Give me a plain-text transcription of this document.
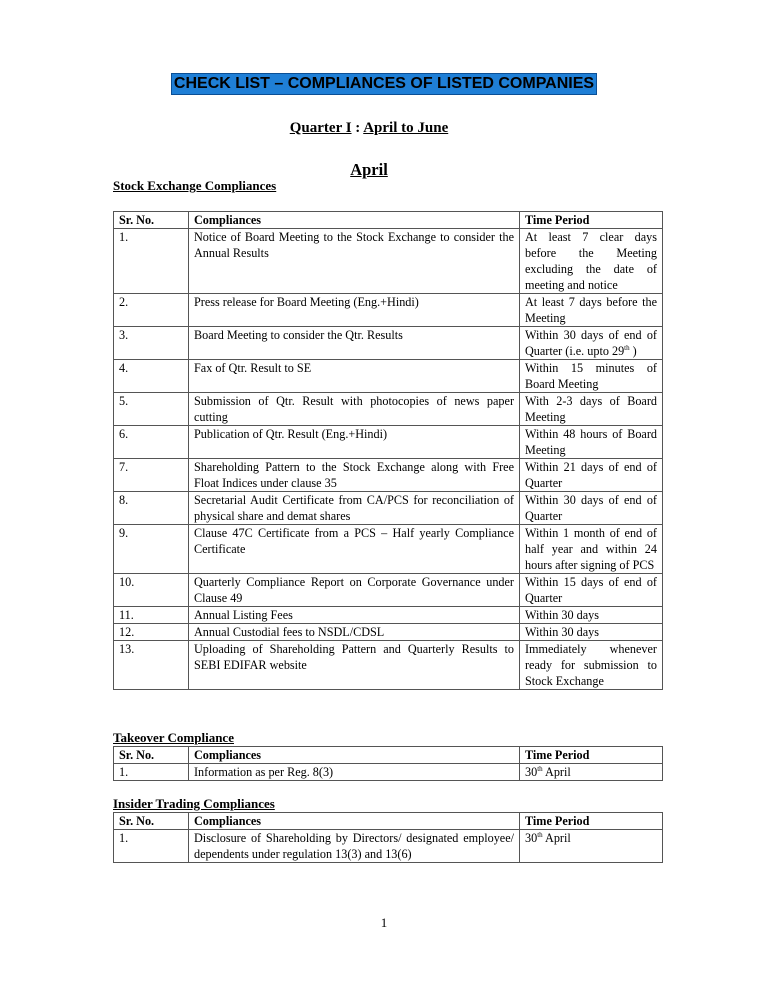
CHECK LIST – COMPLIANCES OF LISTED COMPANIES
Quarter I : April to June
April
Stock Exchange Compliances
Sr. No.	Compliances	Time Period
1.	Notice of Board Meeting to the Stock Exchange to consider the Annual Results	At least 7 clear days before the Meeting excluding the date of meeting and notice
2.	Press release for Board Meeting (Eng.+Hindi)	At least 7 days before the Meeting
3.	Board Meeting to consider the Qtr. Results	Within 30 days of end of Quarter (i.e. upto 29th )
4.	Fax of Qtr. Result to SE	Within 15 minutes of Board Meeting
5.	Submission of Qtr. Result with photocopies of news paper cutting	With 2-3 days of Board Meeting
6.	Publication of Qtr. Result (Eng.+Hindi)	Within 48 hours of Board Meeting
7.	Shareholding Pattern to the Stock Exchange along with Free Float Indices under clause 35	Within 21 days of end of Quarter
8.	Secretarial Audit Certificate from CA/PCS for reconciliation of physical share and demat shares	Within 30 days of end of Quarter
9.	Clause 47C Certificate from a PCS – Half yearly Compliance Certificate	Within 1 month of end of half year and within 24 hours after signing of PCS
10.	Quarterly Compliance Report on Corporate Governance under Clause 49	Within 15 days of end of Quarter
11.	Annual Listing Fees	Within 30 days
12.	Annual Custodial fees to NSDL/CDSL	Within 30 days
13.	Uploading of Shareholding Pattern and Quarterly Results to SEBI EDIFAR website	Immediately whenever ready for submission to Stock Exchange
Takeover Compliance
Sr. No.	Compliances	Time Period
1.	Information as per Reg. 8(3)	30th April
Insider Trading Compliances
Sr. No.	Compliances	Time Period
1.	Disclosure of Shareholding by Directors/ designated employee/ dependents under regulation 13(3) and 13(6)	30th April
1
